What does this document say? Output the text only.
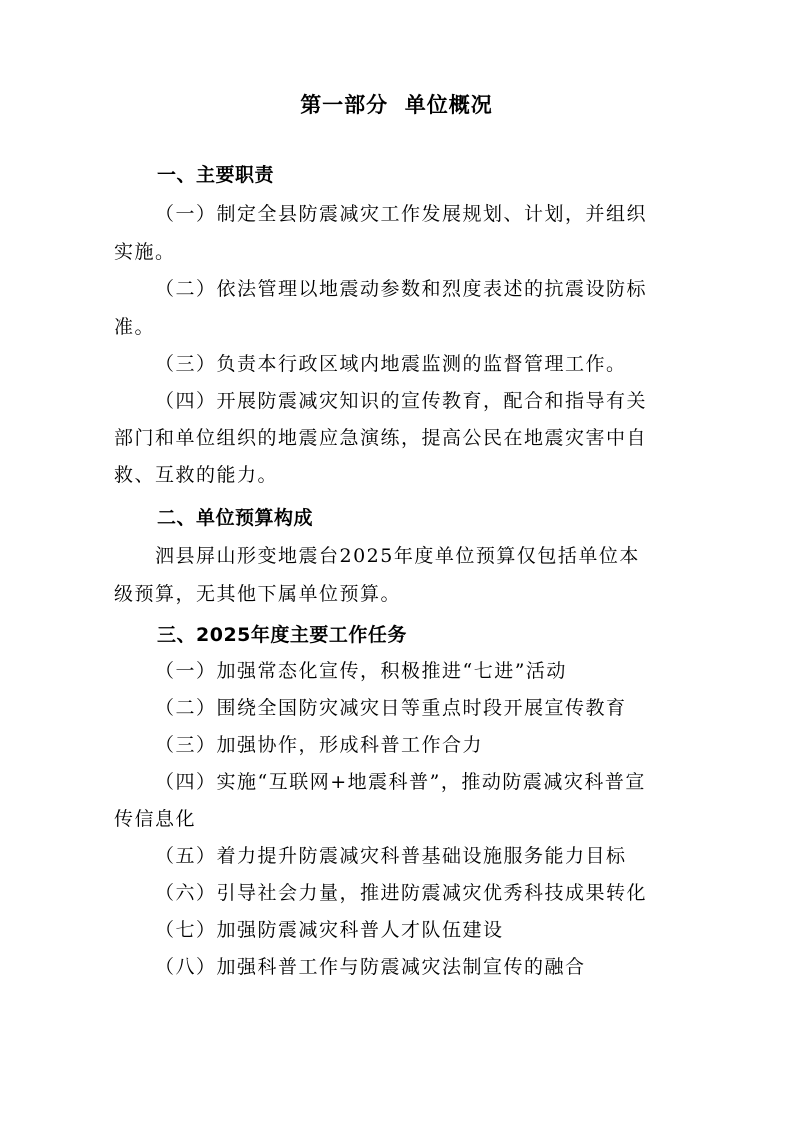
第一部分  单位概况
一、主要职责
（一）制定全县防震减灾工作发展规划、计划，并组织
实施。
（二）依法管理以地震动参数和烈度表述的抗震设防标
准。
（三）负责本行政区域内地震监测的监督管理工作。
（四）开展防震减灾知识的宣传教育，配合和指导有关
部门和单位组织的地震应急演练，提高公民在地震灾害中自
救、互救的能力。
二、单位预算构成
泗县屏山形变地震台2025年度单位预算仅包括单位本
级预算，无其他下属单位预算。
三、2025年度主要工作任务
（一）加强常态化宣传，积极推进“七进”活动
（二）围绕全国防灾减灾日等重点时段开展宣传教育
（三）加强协作，形成科普工作合力
（四）实施“互联网+地震科普”，推动防震减灾科普宣
传信息化
（五）着力提升防震减灾科普基础设施服务能力目标
（六）引导社会力量，推进防震减灾优秀科技成果转化
（七）加强防震减灾科普人才队伍建设
（八）加强科普工作与防震减灾法制宣传的融合
